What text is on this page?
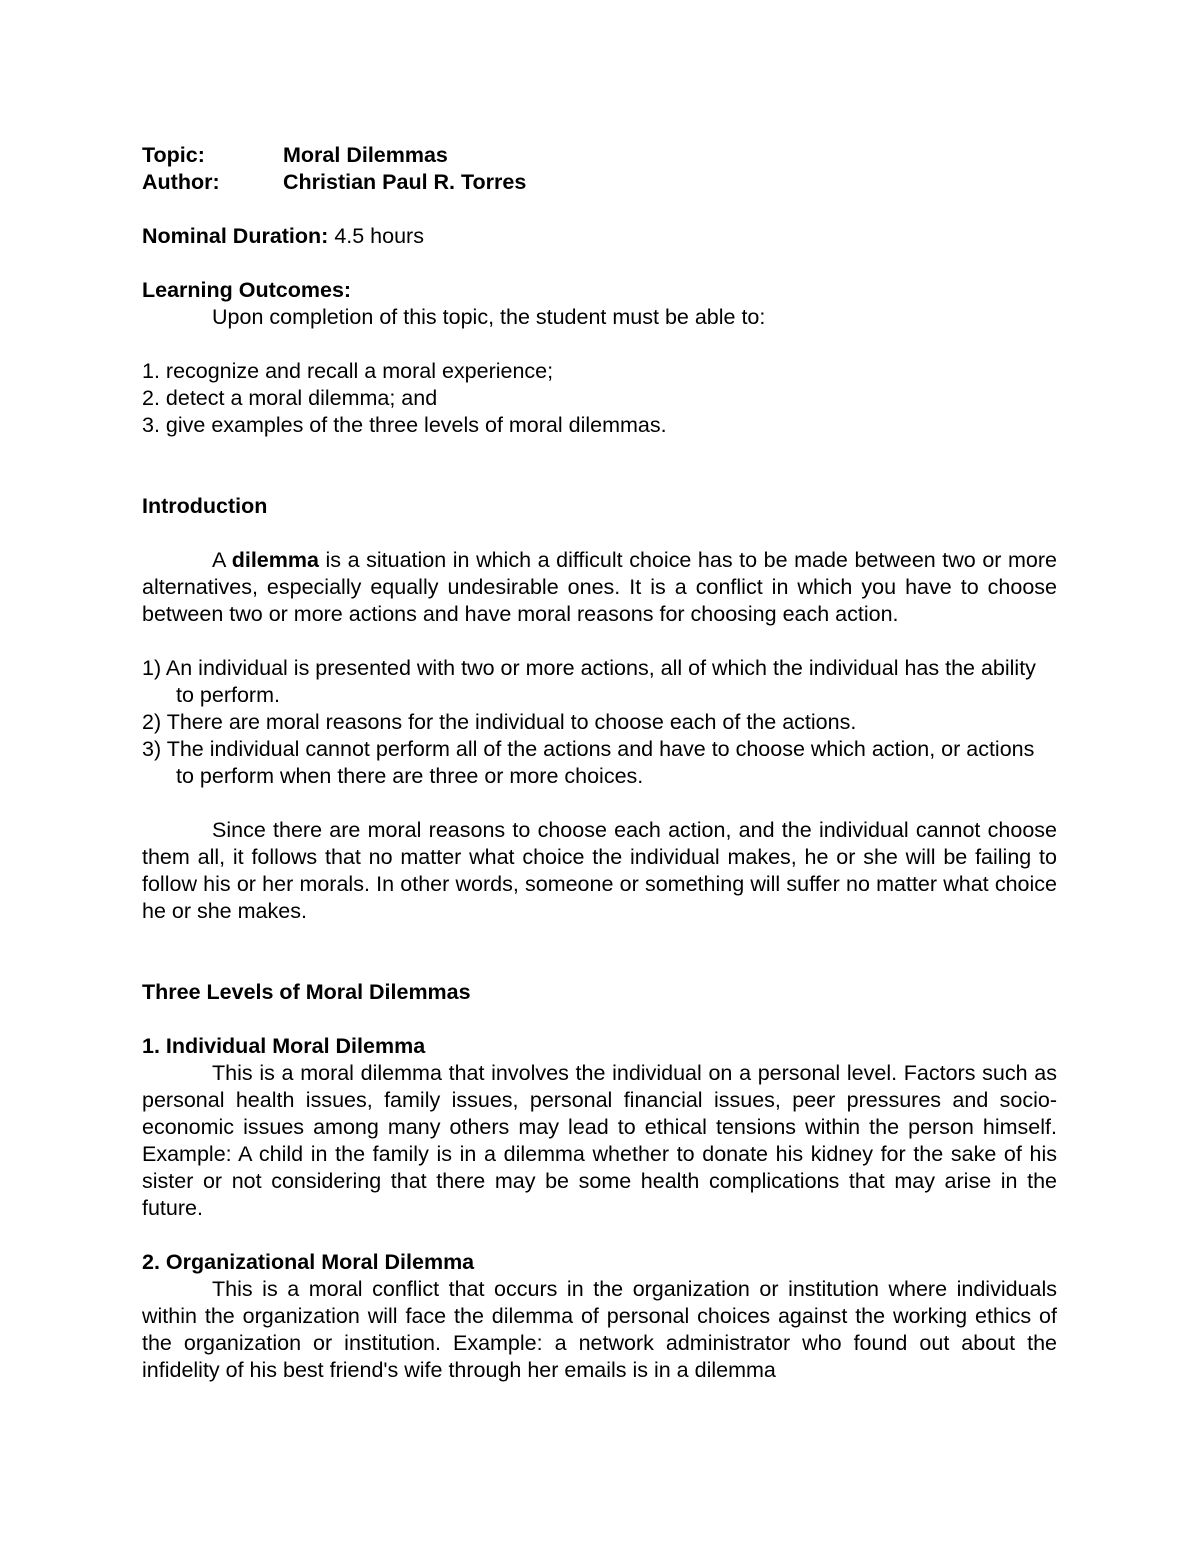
Topic:	Moral Dilemmas
Author:	Christian Paul R. Torres

Nominal Duration: 4.5 hours

Learning Outcomes:

Upon completion of this topic, the student must be able to:

1. recognize and recall a moral experience;

2. detect a moral dilemma; and

3. give examples of the three levels of moral dilemmas.

Introduction

A dilemma is a situation in which a difficult choice has to be made between two or more alternatives, especially equally undesirable ones. It is a conflict in which you have to choose between two or more actions and have moral reasons for choosing each action.

1) An individual is presented with two or more actions, all of which the individual has the ability to perform.

2) There are moral reasons for the individual to choose each of the actions.

3) The individual cannot perform all of the actions and have to choose which action, or actions to perform when there are three or more choices.

Since there are moral reasons to choose each action, and the individual cannot choose them all, it follows that no matter what choice the individual makes, he or she will be failing to follow his or her morals. In other words, someone or something will suffer no matter what choice he or she makes.

Three Levels of Moral Dilemmas

1. Individual Moral Dilemma

This is a moral dilemma that involves the individual on a personal level. Factors such as personal health issues, family issues, personal financial issues, peer pressures and socio-economic issues among many others may lead to ethical tensions within the person himself. Example: A child in the family is in a dilemma whether to donate his kidney for the sake of his sister or not considering that there may be some health complications that may arise in the future.

2. Organizational Moral Dilemma

This is a moral conflict that occurs in the organization or institution where individuals within the organization will face the dilemma of personal choices against the working ethics of the organization or institution. Example: a network administrator who found out about the infidelity of his best friend's wife through her emails is in a dilemma
